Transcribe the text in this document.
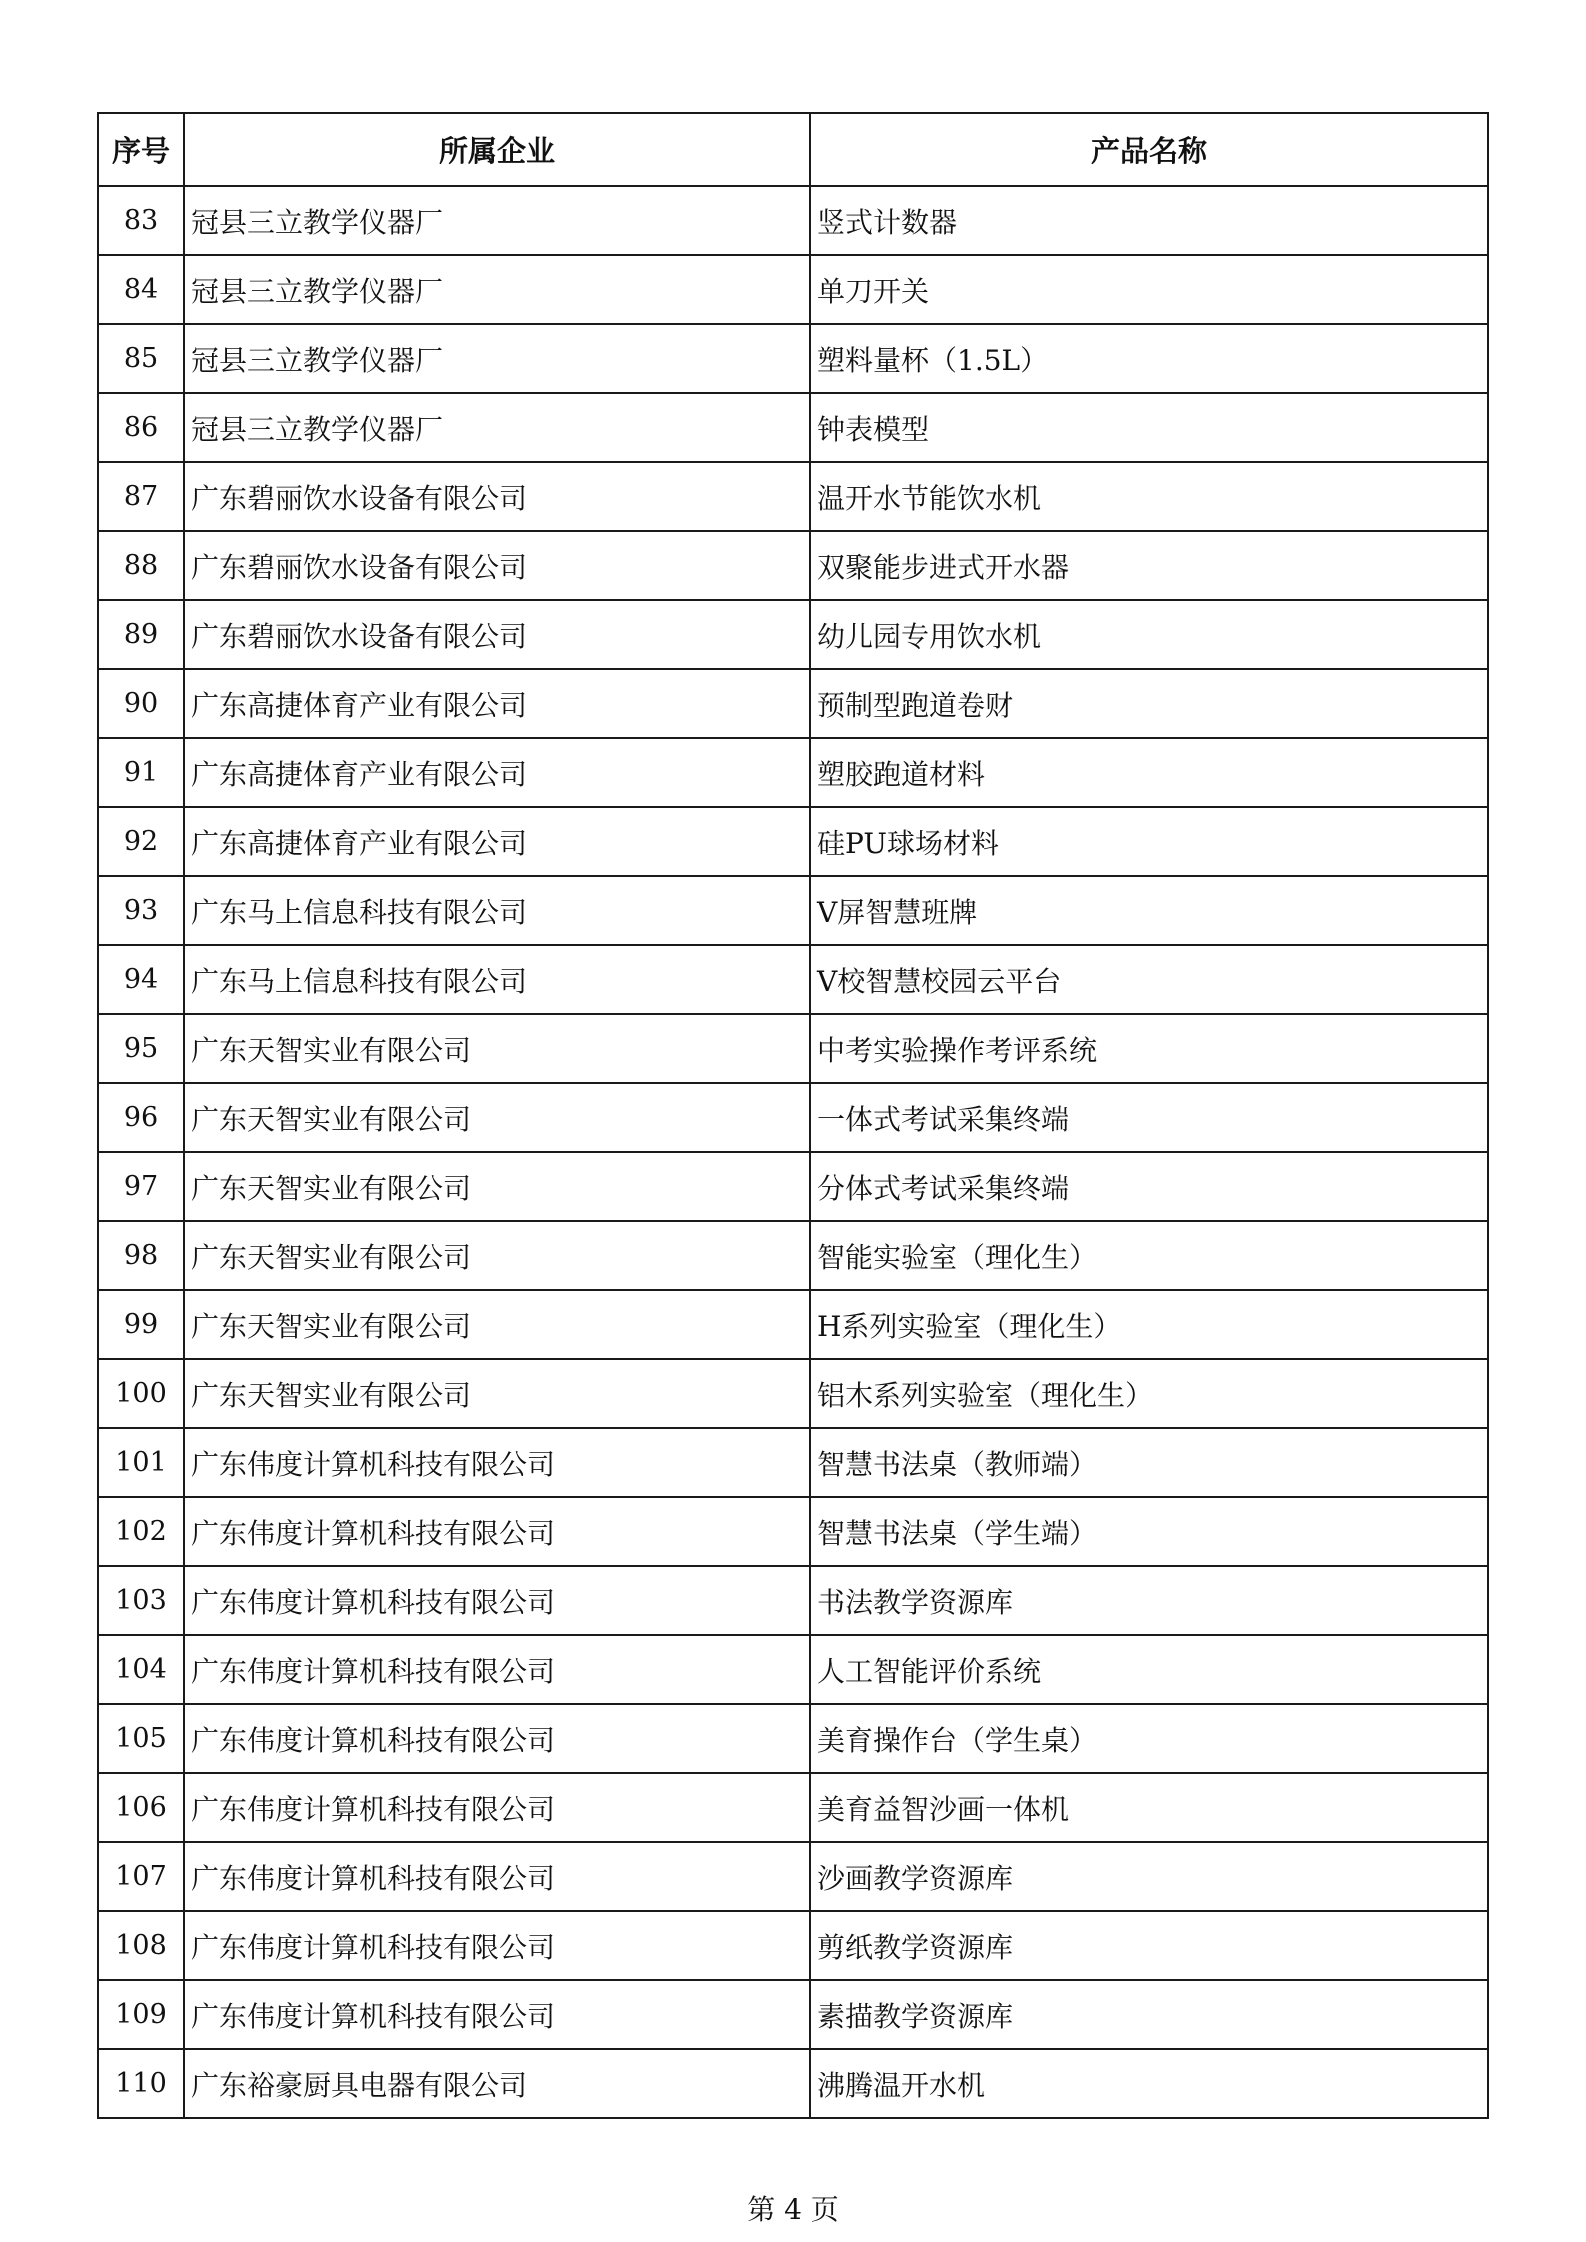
序号	所属企业	产品名称
83	冠县三立教学仪器厂	竖式计数器
84	冠县三立教学仪器厂	单刀开关
85	冠县三立教学仪器厂	塑料量杯（1.5L）
86	冠县三立教学仪器厂	钟表模型
87	广东碧丽饮水设备有限公司	温开水节能饮水机
88	广东碧丽饮水设备有限公司	双聚能步进式开水器
89	广东碧丽饮水设备有限公司	幼儿园专用饮水机
90	广东高捷体育产业有限公司	预制型跑道卷财
91	广东高捷体育产业有限公司	塑胶跑道材料
92	广东高捷体育产业有限公司	硅PU球场材料
93	广东马上信息科技有限公司	V屏智慧班牌
94	广东马上信息科技有限公司	V校智慧校园云平台
95	广东天智实业有限公司	中考实验操作考评系统
96	广东天智实业有限公司	一体式考试采集终端
97	广东天智实业有限公司	分体式考试采集终端
98	广东天智实业有限公司	智能实验室（理化生）
99	广东天智实业有限公司	H系列实验室（理化生）
100	广东天智实业有限公司	铝木系列实验室（理化生）
101	广东伟度计算机科技有限公司	智慧书法桌（教师端）
102	广东伟度计算机科技有限公司	智慧书法桌（学生端）
103	广东伟度计算机科技有限公司	书法教学资源库
104	广东伟度计算机科技有限公司	人工智能评价系统
105	广东伟度计算机科技有限公司	美育操作台（学生桌）
106	广东伟度计算机科技有限公司	美育益智沙画一体机
107	广东伟度计算机科技有限公司	沙画教学资源库
108	广东伟度计算机科技有限公司	剪纸教学资源库
109	广东伟度计算机科技有限公司	素描教学资源库
110	广东裕豪厨具电器有限公司	沸腾温开水机
第 4 页
